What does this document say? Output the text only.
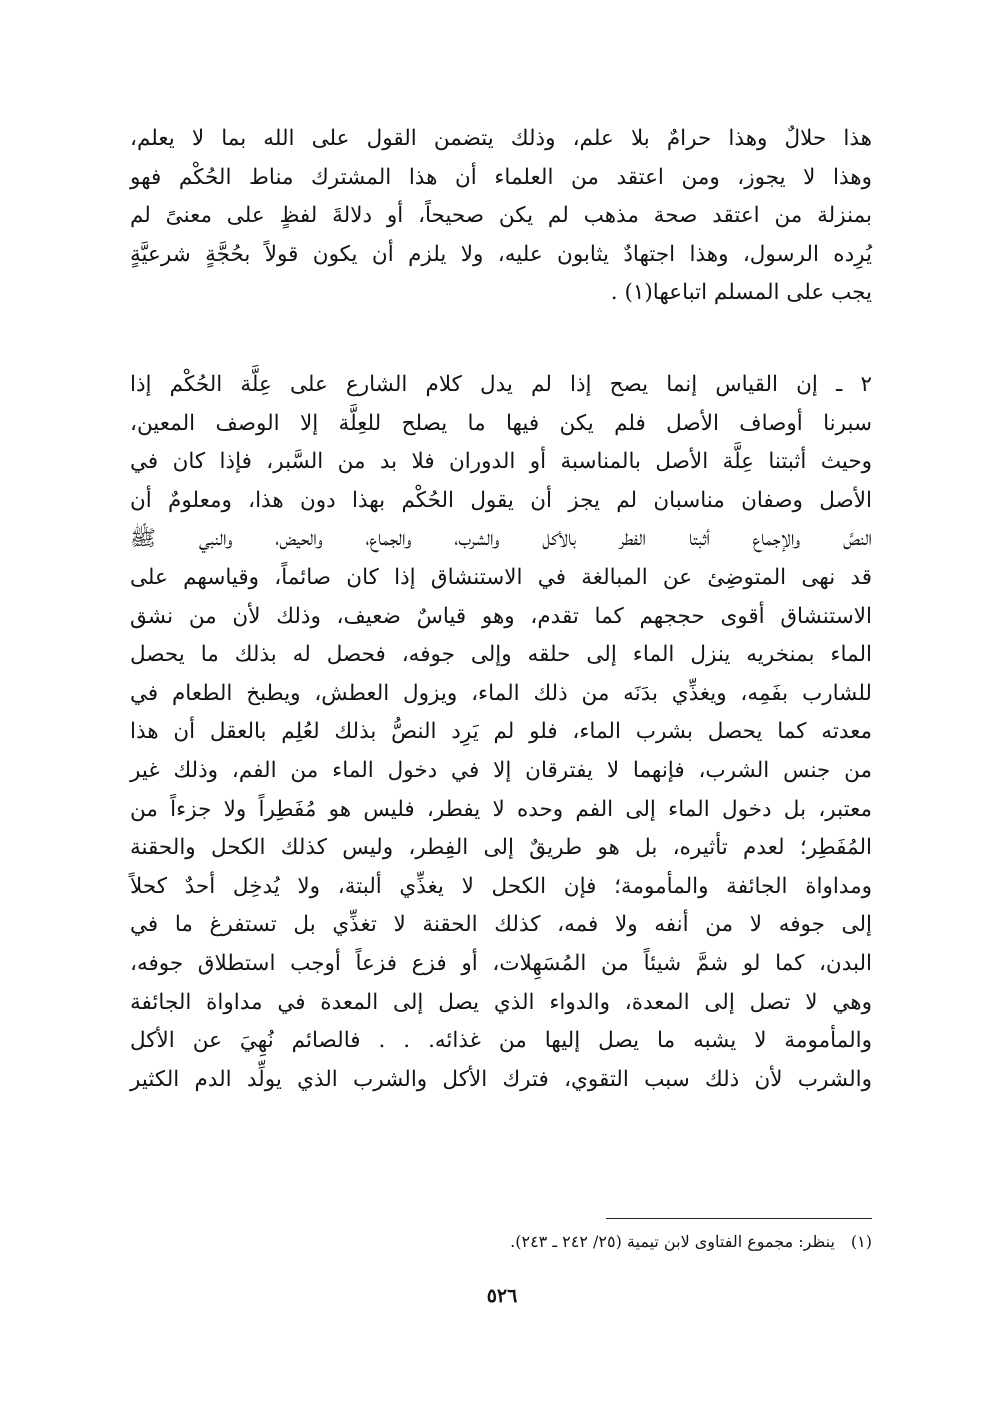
هذا حلالٌ وهذا حرامٌ بلا علم، وذلك يتضمن القول على الله بما لا يعلم،
وهذا لا يجوز، ومن اعتقد من العلماء أن هذا المشترك مناط الحُكْم فهو
بمنزلة من اعتقد صحة مذهب لم يكن صحيحاً، أو دلالةَ لفظٍ على معنىً لم
يُرِده الرسول، وهذا اجتهادٌ يثابون عليه، ولا يلزم أن يكون قولاً بحُجَّةٍ شرعيَّةٍ
يجب على المسلم اتباعها(١) .
٢ ـ إن القياس إنما يصح إذا لم يدل كلام الشارع على عِلَّة الحُكْم إذا
سبرنا أوصاف الأصل فلم يكن فيها ما يصلح للعِلَّة إلا الوصف المعين،
وحيث أثبتنا عِلَّة الأصل بالمناسبة أو الدوران فلا بد من السَّبر، فإذا كان في
الأصل وصفان مناسبان لم يجز أن يقول الحُكْم بهذا دون هذا، ومعلومٌ أن
النصَّ والإجماع أثبتا الفطر بالأكل والشرب، والجماع، والحيض، والنبي ﷺ
قد نهى المتوضِئ عن المبالغة في الاستنشاق إذا كان صائماً، وقياسهم على
الاستنشاق أقوى حججهم كما تقدم، وهو قياسٌ ضعيف، وذلك لأن من نشق
الماء بمنخريه ينزل الماء إلى حلقه وإلى جوفه، فحصل له بذلك ما يحصل
للشارب بفَمِه، ويغذِّي بدَنَه من ذلك الماء، ويزول العطش، ويطبخ الطعام في
معدته كما يحصل بشرب الماء، فلو لم يَرِد النصُّ بذلك لعُلِم بالعقل أن هذا
من جنس الشرب، فإنهما لا يفترقان إلا في دخول الماء من الفم، وذلك غير
معتبر، بل دخول الماء إلى الفم وحده لا يفطر، فليس هو مُفَطِراً ولا جزءاً من
المُفَطِر؛ لعدم تأثيره، بل هو طريقٌ إلى الفِطر، وليس كذلك الكحل والحقنة
ومداواة الجائفة والمأمومة؛ فإن الكحل لا يغذِّي ألبتة، ولا يُدخِل أحدٌ كحلاً
إلى جوفه لا من أنفه ولا فمه، كذلك الحقنة لا تغذِّي بل تستفرغ ما في
البدن، كما لو شمَّ شيئاً من المُسَهِلات، أو فزع فزعاً أوجب استطلاق جوفه،
وهي لا تصل إلى المعدة، والدواء الذي يصل إلى المعدة في مداواة الجائفة
والمأمومة لا يشبه ما يصل إليها من غذائه. . . فالصائم نُهِيَ عن الأكل
والشرب لأن ذلك سبب التقوي، فترك الأكل والشرب الذي يولِّد الدم الكثير
(١)ينظر: مجموع الفتاوى لابن تيمية (٢٥/ ٢٤٢ ـ ٢٤٣).
٥٢٦
